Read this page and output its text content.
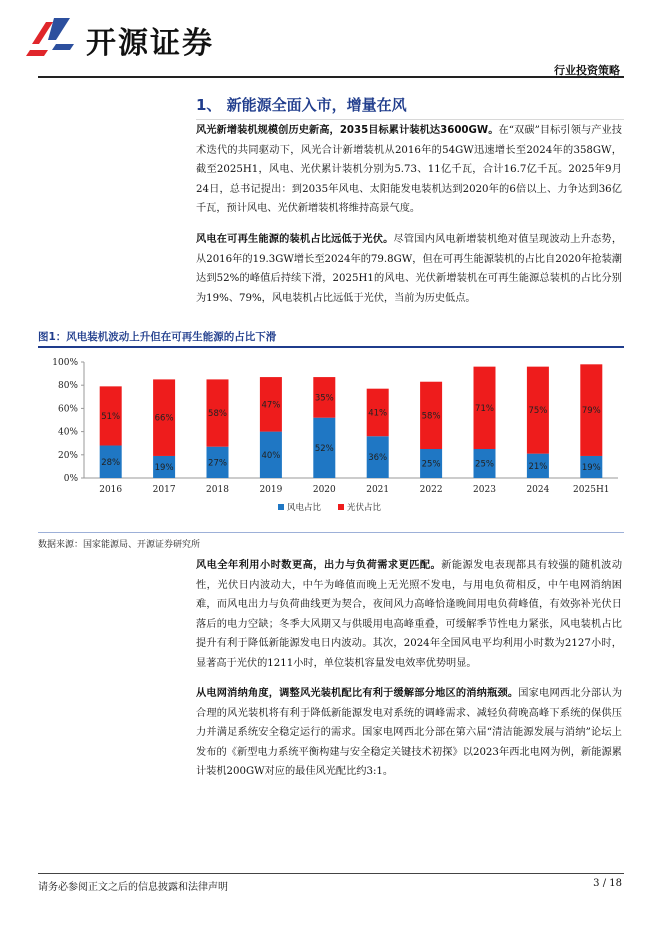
开源证券
行业投资策略
1、 新能源全面入市，增量在风
风光新增装机规模创历史新高，2035目标累计装机达3600GW。在“双碳”目标引领与产业技术迭代的共同驱动下，风光合计新增装机从2016年的54GW迅速增长至2024年的358GW，截至2025H1，风电、光伏累计装机分别为5.73、11亿千瓦，合计16.7亿千瓦。2025年9月24日，总书记提出：到2035年风电、太阳能发电装机达到2020年的6倍以上、力争达到36亿千瓦，预计风电、光伏新增装机将维持高景气度。
风电在可再生能源的装机占比远低于光伏。尽管国内风电新增装机绝对值呈现波动上升态势，从2016年的19.3GW增长至2024年的79.8GW，但在可再生能源装机的占比自2020年抢装潮达到52%的峰值后持续下滑，2025H1的风电、光伏新增装机在可再生能源总装机的占比分别为19%、79%，风电装机占比远低于光伏，当前为历史低点。
图1：风电装机波动上升但在可再生能源的占比下滑
0%
20%
40%
60%
80%
100%
28%
51%
2016
19%
66%
2017
27%
58%
2018
40%
47%
2019
52%
35%
2020
36%
41%
2021
25%
58%
2022
25%
71%
2023
21%
75%
2024
19%
79%
2025H1
风电占比	光伏占比
数据来源：国家能源局、开源证券研究所
风电全年利用小时数更高，出力与负荷需求更匹配。新能源发电表现都具有较强的随机波动性，光伏日内波动大，中午为峰值而晚上无光照不发电，与用电负荷相反，中午电网消纳困难，而风电出力与负荷曲线更为契合，夜间风力高峰恰逢晚间用电负荷峰值，有效弥补光伏日落后的电力空缺；冬季大风期又与供暖用电高峰重叠，可缓解季节性电力紧张，风电装机占比提升有利于降低新能源发电日内波动。其次，2024年全国风电平均利用小时数为2127小时，显著高于光伏的1211小时，单位装机容量发电效率优势明显。
从电网消纳角度，调整风光装机配比有利于缓解部分地区的消纳瓶颈。国家电网西北分部认为合理的风光装机将有利于降低新能源发电对系统的调峰需求、减轻负荷晚高峰下系统的保供压力并满足系统安全稳定运行的需求。国家电网西北分部在第六届“清洁能源发展与消纳”论坛上发布的《新型电力系统平衡构建与安全稳定关键技术初探》以2023年西北电网为例，新能源累计装机200GW对应的最佳风光配比约3:1。
请务必参阅正文之后的信息披露和法律声明	3 / 18
